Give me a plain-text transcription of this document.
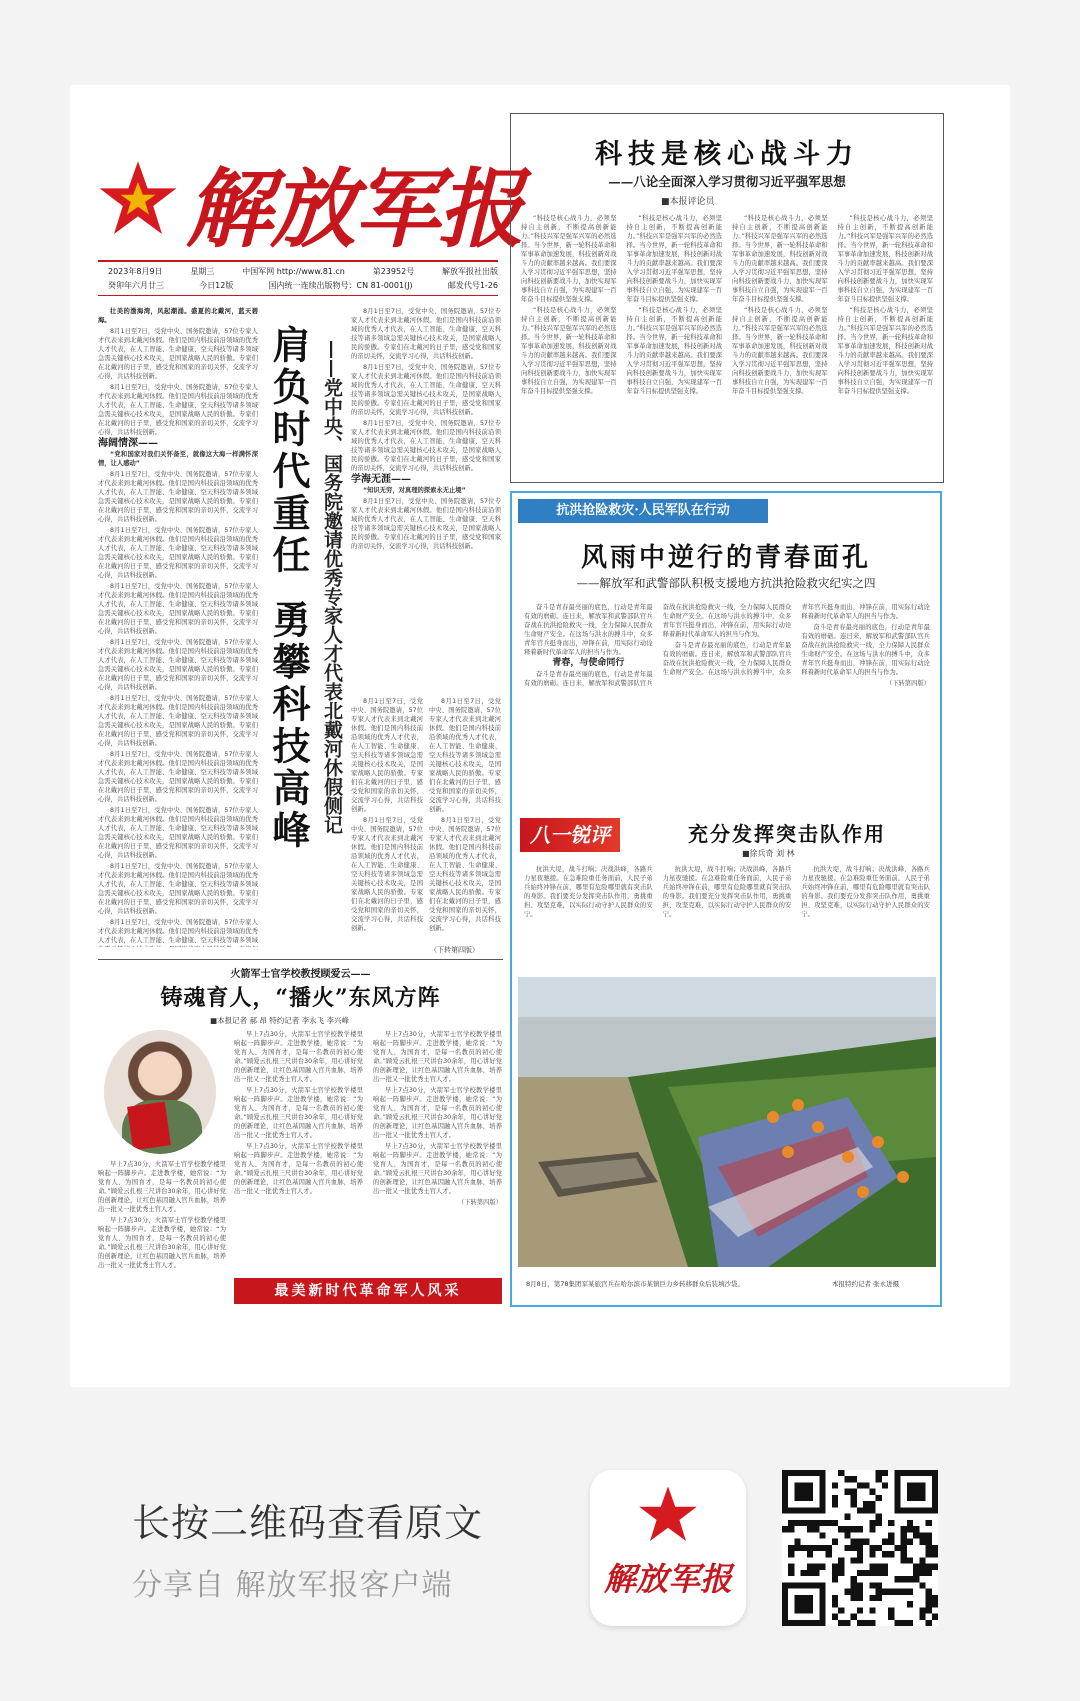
解放军报
2023年8月9日	星期三	中国军网 http://www.81.cn	第23952号	解放军报社出版
癸卯年六月廿三	今日12版	国内统一连续出版物号：CN 81-0001(J)	邮发代号1-26
科技是核心战斗力
——八论全面深入学习贯彻习近平强军思想
■本报评论员

“科技是核心战斗力，必须坚持自主创新，不断提高创新能力。”科技兴军是强军兴军的必然选择。当今世界，新一轮科技革命和军事革命加速发展，科技创新对战斗力的贡献率越来越高。我们要深入学习贯彻习近平强军思想，坚持向科技创新要战斗力，加快实现军事科技自立自强，为实现建军一百年奋斗目标提供坚强支撑。

“科技是核心战斗力，必须坚持自主创新，不断提高创新能力。”科技兴军是强军兴军的必然选择。当今世界，新一轮科技革命和军事革命加速发展，科技创新对战斗力的贡献率越来越高。我们要深入学习贯彻习近平强军思想，坚持向科技创新要战斗力，加快实现军事科技自立自强，为实现建军一百年奋斗目标提供坚强支撑。

“科技是核心战斗力，必须坚持自主创新，不断提高创新能力。”科技兴军是强军兴军的必然选择。当今世界，新一轮科技革命和军事革命加速发展，科技创新对战斗力的贡献率越来越高。我们要深入学习贯彻习近平强军思想，坚持向科技创新要战斗力，加快实现军事科技自立自强，为实现建军一百年奋斗目标提供坚强支撑。

“科技是核心战斗力，必须坚持自主创新，不断提高创新能力。”科技兴军是强军兴军的必然选择。当今世界，新一轮科技革命和军事革命加速发展，科技创新对战斗力的贡献率越来越高。我们要深入学习贯彻习近平强军思想，坚持向科技创新要战斗力，加快实现军事科技自立自强，为实现建军一百年奋斗目标提供坚强支撑。

“科技是核心战斗力，必须坚持自主创新，不断提高创新能力。”科技兴军是强军兴军的必然选择。当今世界，新一轮科技革命和军事革命加速发展，科技创新对战斗力的贡献率越来越高。我们要深入学习贯彻习近平强军思想，坚持向科技创新要战斗力，加快实现军事科技自立自强，为实现建军一百年奋斗目标提供坚强支撑。

“科技是核心战斗力，必须坚持自主创新，不断提高创新能力。”科技兴军是强军兴军的必然选择。当今世界，新一轮科技革命和军事革命加速发展，科技创新对战斗力的贡献率越来越高。我们要深入学习贯彻习近平强军思想，坚持向科技创新要战斗力，加快实现军事科技自立自强，为实现建军一百年奋斗目标提供坚强支撑。

“科技是核心战斗力，必须坚持自主创新，不断提高创新能力。”科技兴军是强军兴军的必然选择。当今世界，新一轮科技革命和军事革命加速发展，科技创新对战斗力的贡献率越来越高。我们要深入学习贯彻习近平强军思想，坚持向科技创新要战斗力，加快实现军事科技自立自强，为实现建军一百年奋斗目标提供坚强支撑。

“科技是核心战斗力，必须坚持自主创新，不断提高创新能力。”科技兴军是强军兴军的必然选择。当今世界，新一轮科技革命和军事革命加速发展，科技创新对战斗力的贡献率越来越高。我们要深入学习贯彻习近平强军思想，坚持向科技创新要战斗力，加快实现军事科技自立自强，为实现建军一百年奋斗目标提供坚强支撑。

壮美的渤海湾，风起潮涌。盛夏的北戴河，蓝天碧海。

8月1日至7日，受党中央、国务院邀请，57位专家人才代表来到北戴河休假。他们是国内科技前沿领域的优秀人才代表，在人工智能、生命健康、空天科技等诸多领域急需关键核心技术攻关，是国家战略人民的骄傲。专家们在北戴河的日子里，感受党和国家的亲切关怀，交流学习心得，共话科技创新。

8月1日至7日，受党中央、国务院邀请，57位专家人才代表来到北戴河休假。他们是国内科技前沿领域的优秀人才代表，在人工智能、生命健康、空天科技等诸多领域急需关键核心技术攻关，是国家战略人民的骄傲。专家们在北戴河的日子里，感受党和国家的亲切关怀，交流学习心得，共话科技创新。

海阔情深——

“党和国家对我们关怀备至，就像这大海一样满怀深情，让人感动”

8月1日至7日，受党中央、国务院邀请，57位专家人才代表来到北戴河休假。他们是国内科技前沿领域的优秀人才代表，在人工智能、生命健康、空天科技等诸多领域急需关键核心技术攻关，是国家战略人民的骄傲。专家们在北戴河的日子里，感受党和国家的亲切关怀，交流学习心得，共话科技创新。

8月1日至7日，受党中央、国务院邀请，57位专家人才代表来到北戴河休假。他们是国内科技前沿领域的优秀人才代表，在人工智能、生命健康、空天科技等诸多领域急需关键核心技术攻关，是国家战略人民的骄傲。专家们在北戴河的日子里，感受党和国家的亲切关怀，交流学习心得，共话科技创新。

8月1日至7日，受党中央、国务院邀请，57位专家人才代表来到北戴河休假。他们是国内科技前沿领域的优秀人才代表，在人工智能、生命健康、空天科技等诸多领域急需关键核心技术攻关，是国家战略人民的骄傲。专家们在北戴河的日子里，感受党和国家的亲切关怀，交流学习心得，共话科技创新。

8月1日至7日，受党中央、国务院邀请，57位专家人才代表来到北戴河休假。他们是国内科技前沿领域的优秀人才代表，在人工智能、生命健康、空天科技等诸多领域急需关键核心技术攻关，是国家战略人民的骄傲。专家们在北戴河的日子里，感受党和国家的亲切关怀，交流学习心得，共话科技创新。

8月1日至7日，受党中央、国务院邀请，57位专家人才代表来到北戴河休假。他们是国内科技前沿领域的优秀人才代表，在人工智能、生命健康、空天科技等诸多领域急需关键核心技术攻关，是国家战略人民的骄傲。专家们在北戴河的日子里，感受党和国家的亲切关怀，交流学习心得，共话科技创新。

8月1日至7日，受党中央、国务院邀请，57位专家人才代表来到北戴河休假。他们是国内科技前沿领域的优秀人才代表，在人工智能、生命健康、空天科技等诸多领域急需关键核心技术攻关，是国家战略人民的骄傲。专家们在北戴河的日子里，感受党和国家的亲切关怀，交流学习心得，共话科技创新。

8月1日至7日，受党中央、国务院邀请，57位专家人才代表来到北戴河休假。他们是国内科技前沿领域的优秀人才代表，在人工智能、生命健康、空天科技等诸多领域急需关键核心技术攻关，是国家战略人民的骄傲。专家们在北戴河的日子里，感受党和国家的亲切关怀，交流学习心得，共话科技创新。

8月1日至7日，受党中央、国务院邀请，57位专家人才代表来到北戴河休假。他们是国内科技前沿领域的优秀人才代表，在人工智能、生命健康、空天科技等诸多领域急需关键核心技术攻关，是国家战略人民的骄傲。专家们在北戴河的日子里，感受党和国家的亲切关怀，交流学习心得，共话科技创新。

8月1日至7日，受党中央、国务院邀请，57位专家人才代表来到北戴河休假。他们是国内科技前沿领域的优秀人才代表，在人工智能、生命健康、空天科技等诸多领域

肩负时代重任
勇攀科技高峰 ——党中央、国务院邀请优秀专家人才代表北戴河休假侧记

8月1日至7日，受党中央、国务院邀请，57位专家人才代表来到北戴河休假。他们是国内科技前沿领域的优秀人才代表，在人工智能、生命健康、空天科技等诸多领域急需关键核心技术攻关，是国家战略人民的骄傲。专家们在北戴河的日子里，感受党和国家的亲切关怀，交流学习心得，共话科技创新。

8月1日至7日，受党中央、国务院邀请，57位专家人才代表来到北戴河休假。他们是国内科技前沿领域的优秀人才代表，在人工智能、生命健康、空天科技等诸多领域急需关键核心技术攻关，是国家战略人民的骄傲。专家们在北戴河的日子里，感受党和国家的亲切关怀，交流学习心得，共话科技创新。

8月1日至7日，受党中央、国务院邀请，57位专家人才代表来到北戴河休假。他们是国内科技前沿领域的优秀人才代表，在人工智能、生命健康、空天科技等诸多领域急需关键核心技术攻关，是国家战略人民的骄傲。专家们在北戴河的日子里，感受党和国家的亲切关怀，交流学习心得，共话科技创新。

学海无涯——

“知识无穷，对真理的探索永无止境”

8月1日至7日，受党中央、国务院邀请，57位专家人才代表来到北戴河休假。他们是国内科技前沿领域的优秀人才代表，在人工智能、生命健康、空天科技等诸多领域急需关键核心技术攻关，是国家战略人民的骄傲。专家们在北戴河的日子里，感受党和国家的亲切关怀，交流学习心得，共话科技创新。

8月1日至7日，受党中央、国务院邀请，57位专家人才代表来到北戴河休假。他们是国内科技前沿领域的优秀人才代表，在人工智能、生命健康、空天科技等诸多领域急需关键核心技术攻关，是国家战略人民的骄傲。专家们在北戴河的日子里，感受党和国家的亲切关怀，交流学习心得，共话科技创新。

8月1日至7日，受党中央、国务院邀请，57位专家人才代表来到北戴河休假。他们是国内科技前沿领域的优秀人才代表，在人工智能、生命健康、空天科技等诸多领域急需关键核心技术攻关，是国家战略人民的骄傲。专家们在北戴河的日子里，感受党和国家的亲切关怀，交流学习心得，共话科技创新。

8月1日至7日，受党中央、国务院邀请，57位专家人才代表来到北戴河休假。他们是国内科技前沿领域的优秀人才代表，在人工智能、生命健康、空天科技等诸多领域急需关键核心技术攻关，是国家战略人民的骄傲。专家们在北戴河的日子里，感受党和国家的亲切关怀，交流学习心得，共话科技创新。

8月1日至7日，受党中央、国务院邀请，57位专家人才代表来到北戴河休假。他们是国内科技前沿领域的优秀人才代表，在人工智能、生命健康、空天科技等诸多领域急需关键核心技术攻关，是国家战略人民的骄傲。专家们在北戴河的日子里，感受党和国家的亲切关怀，交流学习心得，共话科技创新。

（下转第四版）
火箭军士官学校教授顾爱云——
铸魂育人，“播火”东风方阵
■本报记者 郝 昂 特约记者 李永飞 李兴峰

早上7点30分，火箭军士官学校教学楼里响起一阵脚步声。走进教学楼，她常说：“为党育人、为国育才，是每一名教员的初心使命。”顾爱云扎根三尺讲台30余年，用心讲好党的创新理论，让红色基因融入官兵血脉，培养出一批又一批优秀士官人才。

早上7点30分，火箭军士官学校教学楼里响起一阵脚步声。走进教学楼，她常说：“为党育人、为国育才，是每一名教员的初心使命。”顾爱云扎根三尺讲台30余年，用心讲好党的创新理论，让红色基因融入官兵血脉，培养出一批又一批优秀士官人才。

早上7点30分，火箭军士官学校教学楼里响起一阵脚步声。走进教学楼，她常说：“为党育人、为国育才，是每一名教员的初心使命。”顾爱云扎根三尺讲台30余年，用心讲好党的创新理论，让红色基因融入官兵血脉，培养出一批又一批优秀士官人才。

早上7点30分，火箭军士官学校教学楼里响起一阵脚步声。走进教学楼，她常说：“为党育人、为国育才，是每一名教员的初心使命。”顾爱云扎根三尺讲台30余年，用心讲好党的创新理论，让红色基因融入官兵血脉，培养出一批又一批优秀士官人才。

早上7点30分，火箭军士官学校教学楼里响起一阵脚步声。走进教学楼，她常说：“为党育人、为国育才，是每一名教员的初心使命。”顾爱云扎根三尺讲台30余年，用心讲好党的创新理论，让红色基因融入官兵血脉，培养出一批又一批优秀士官人才。

早上7点30分，火箭军士官学校教学楼里响起一阵脚步声。走进教学楼，她常说：“为党育人、为国育才，是每一名教员的初心使命。”顾爱云扎根三尺讲台30余年，用心讲好党的创新理论，让红色基因融入官兵血脉，培养出一批又一批优秀士官人才。

早上7点30分，火箭军士官学校教学楼里响起一阵脚步声。走进教学楼，她常说：“为党育人、为国育才，是每一名教员的初心使命。”顾爱云扎根三尺讲台30余年，用心讲好党的创新理论，让红色基因融入官兵血脉，培养出一批又一批优秀士官人才。

早上7点30分，火箭军士官学校教学楼里响起一阵脚步声。走进教学楼，她常说：“为党育人、为国育才，是每一名教员的初心使命。”顾爱云扎根三尺讲台30余年，用心讲好党的创新理论，让红色基因融入官兵血脉，培养出一批又一批优秀士官人才。

（下转第四版）

最美新时代革命军人风采
抗洪抢险救灾·人民军队在行动
风雨中逆行的青春面孔
——解放军和武警部队积极支援地方抗洪抢险救灾纪实之四

奋斗是青春最亮丽的底色，行动是青年最有效的磨砺。连日来，解放军和武警部队官兵奋战在抗洪抢险救灾一线，全力保障人民群众生命财产安全。在这场与洪水的搏斗中，众多青年官兵挺身而出，冲锋在前，用实际行动诠释着新时代革命军人的担当与作为。

青春，与使命同行

奋斗是青春最亮丽的底色，行动是青年最有效的磨砺。连日来，解放军和武警部队官兵奋战在抗洪抢险救灾一线，全力保障人民群众生命财产安全。在这场与洪水的搏斗中，众多青年官兵挺身而出，冲锋在前，用实际行动诠释着新时代革命军人的担当与作为。

奋斗是青春最亮丽的底色，行动是青年最有效的磨砺。连日来，解放军和武警部队官兵奋战在抗洪抢险救灾一线，全力保障人民群众生命财产安全。在这场与洪水的搏斗中，众多青年官兵挺身而出，冲锋在前，用实际行动诠释着新时代革命军人的担当与作为。

奋斗是青春最亮丽的底色，行动是青年最有效的磨砺。连日来，解放军和武警部队官兵奋战在抗洪抢险救灾一线，全力保障人民群众生命财产安全。在这场与洪水的搏斗中，众多青年官兵挺身而出，冲锋在前，用实际行动诠释着新时代革命军人的担当与作为。

（下转第四版）

八一锐评	充分发挥突击队作用
■徐兵奇 刘 林

抗洪大堤，战斗打响；决战洪峰，各路兵力星夜驰援。在急难险重任务面前，人民子弟兵始终冲锋在前，哪里有危险哪里就有突击队的身影。我们要充分发挥突击队作用，勇挑重担、攻坚克难，以实际行动守护人民群众的安宁。

抗洪大堤，战斗打响；决战洪峰，各路兵力星夜驰援。在急难险重任务面前，人民子弟兵始终冲锋在前，哪里有危险哪里就有突击队的身影。我们要充分发挥突击队作用，勇挑重担、攻坚克难，以实际行动守护人民群众的安宁。

抗洪大堤，战斗打响；决战洪峰，各路兵力星夜驰援。在急难险重任务面前，人民子弟兵始终冲锋在前，哪里有危险哪里就有突击队的身影。我们要充分发挥突击队作用，勇挑重担、攻坚克难，以实际行动守护人民群众的安宁。

8月8日，第78集团军某旅官兵在哈尔滨市某镇巨力乡转移群众后装填沙袋。	本报特约记者 张永进摄
长按二维码查看原文
分享自 解放军报客户端	解放军报
